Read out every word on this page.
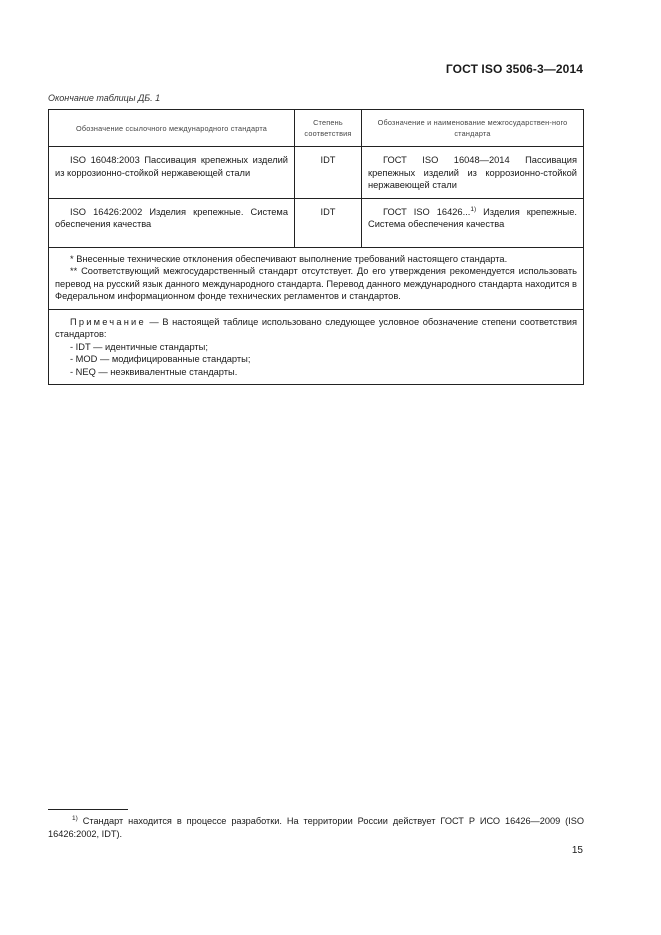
ГОСТ ISO 3506-3—2014
Окончание таблицы ДБ. 1
Обозначение ссылочного международного стандарта	Степень соответствия	Обозначение и наименование межгосударствен-ного стандарта
ISO 16048:2003 Пассивация крепежных изделий из коррозионно-стойкой нержавеющей стали	IDT	ГОСТ ISO 16048—2014 Пассивация крепежных изделий из коррозионно-стойкой нержавеющей стали
ISO 16426:2002 Изделия крепежные. Система обеспечения качества	IDT	ГОСТ ISO 16426...$^{1)}$ Изделия крепежные. Система обеспечения качества

* Внесенные технические отклонения обеспечивают выполнение требований настоящего стандарта.

** Соответствующий межгосударственный стандарт отсутствует. До его утверждения рекомендуется использовать перевод на русский язык данного международного стандарта. Перевод данного международного стандарта находится в Федеральном информационном фонде технических регламентов и стандартов.		

Примечание — В настоящей таблице использовано следующее условное обозначение степени соответствия стандартов:

- IDT — идентичные стандарты;

- MOD — модифицированные стандарты;

- NEQ — неэквивалентные стандарты.		

$^{1)}$ Стандарт находится в процессе разработки. На территории России действует ГОСТ Р ИСО 16426—2009 (ISO 16426:2002, IDT).
15
